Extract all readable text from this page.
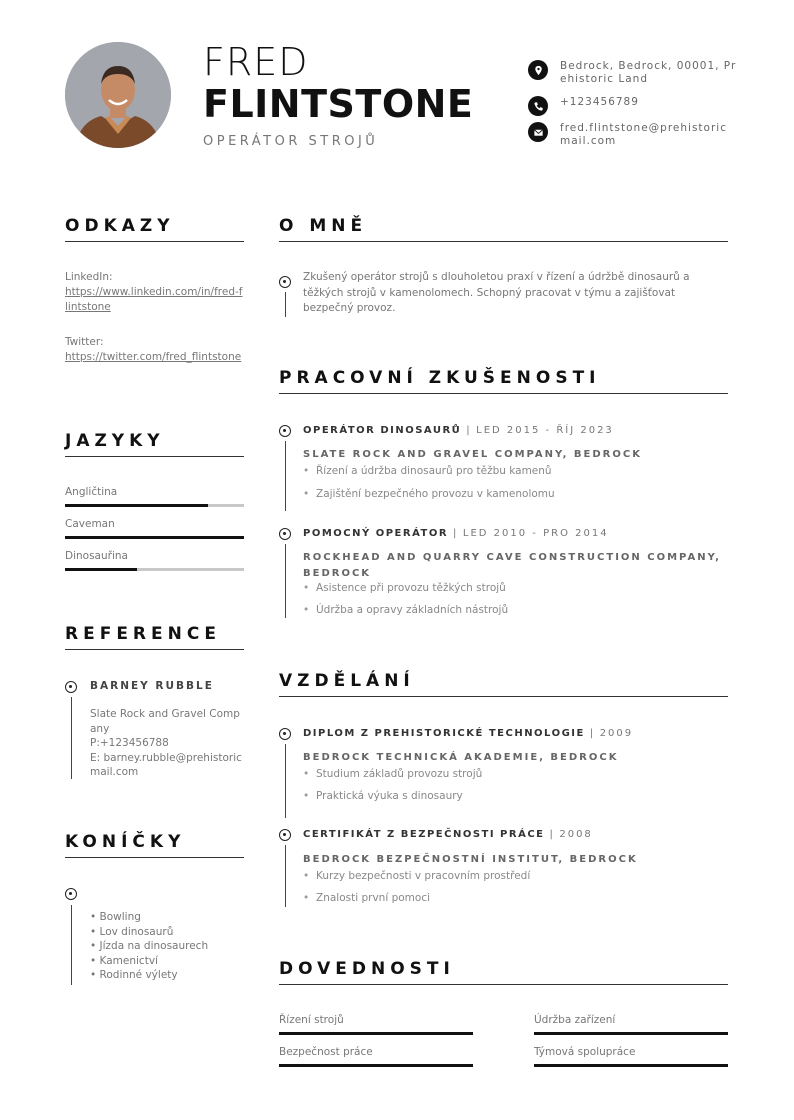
FRED
FLINTSTONE
OPERÁTOR STROJŮ
Bedrock, Bedrock, 00001, Prehistoric Land
+123456789
fred.flintstone@prehistoricmail.com
ODKAZY
LinkedIn:
https://www.linkedin.com/in/fred-flintstone
Twitter:
https://twitter.com/fred_flintstone
JAZYKY
Angličtina
Caveman
Dinosauřina
REFERENCE
BARNEY RUBBLE
Slate Rock and Gravel Company
P:+123456788
E: barney.rubble@prehistoricmail.com
KONÍČKY
• Bowling
• Lov dinosaurů
• Jízda na dinosaurech
• Kamenictví
• Rodinné výlety
O MNĚ
Zkušený operátor strojů s dlouholetou praxí v řízení a údržbě dinosaurů a těžkých strojů v kamenolomech. Schopný pracovat v týmu a zajišťovat bezpečný provoz.
PRACOVNÍ ZKUŠENOSTI
OPERÁTOR DINOSAURŮ | LED 2015 - ŘÍJ 2023
SLATE ROCK AND GRAVEL COMPANY, BEDROCK
• Řízení a údržba dinosaurů pro těžbu kamenů
• Zajištění bezpečného provozu v kamenolomu
POMOCNÝ OPERÁTOR | LED 2010 - PRO 2014
ROCKHEAD AND QUARRY CAVE CONSTRUCTION COMPANY, BEDROCK
• Asistence při provozu těžkých strojů
• Údržba a opravy základních nástrojů
VZDĚLÁNÍ
DIPLOM Z PREHISTORICKÉ TECHNOLOGIE | 2009
BEDROCK TECHNICKÁ AKADEMIE, BEDROCK
• Studium základů provozu strojů
• Praktická výuka s dinosaury
CERTIFIKÁT Z BEZPEČNOSTI PRÁCE | 2008
BEDROCK BEZPEČNOSTNÍ INSTITUT, BEDROCK
• Kurzy bezpečnosti v pracovním prostředí
• Znalosti první pomoci
DOVEDNOSTI
Řízení strojů	Údržba zařízení
Bezpečnost práce	Týmová spolupráce
